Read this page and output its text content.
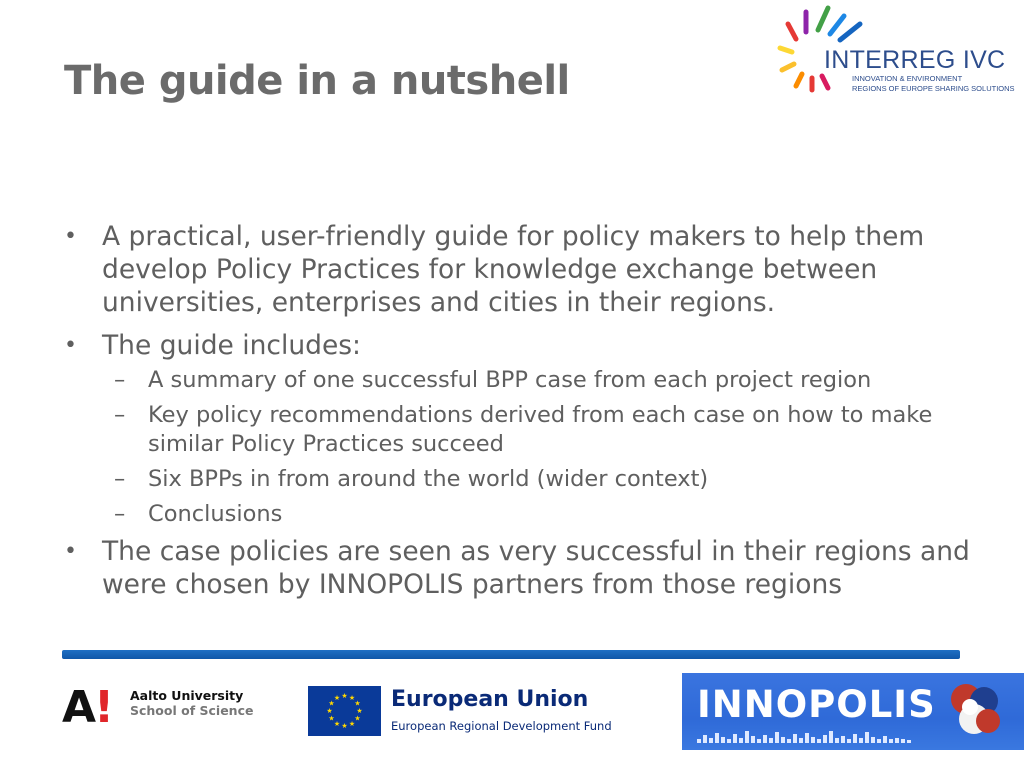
The guide in a nutshell	INTERREG IVC
INNOVATION & ENVIRONMENT
REGIONS OF EUROPE SHARING SOLUTIONS
• A practical, user-friendly guide for policy makers to help them develop Policy Practices for knowledge exchange between universities, enterprises and cities in their regions.
• The guide includes:
– A summary of one successful BPP case from each project region
– Key policy recommendations derived from each case on how to make similar Policy Practices succeed
– Six BPPs in from around the world (wider context)
– Conclusions
• The case policies are seen as very successful in their regions and were chosen by INNOPOLIS partners from those regions
A
! Aalto University
School of Science
★ ★
★
★
★
★
★
★
★
★
★
★ European Union
European Regional Development Fund INNOPOLIS
